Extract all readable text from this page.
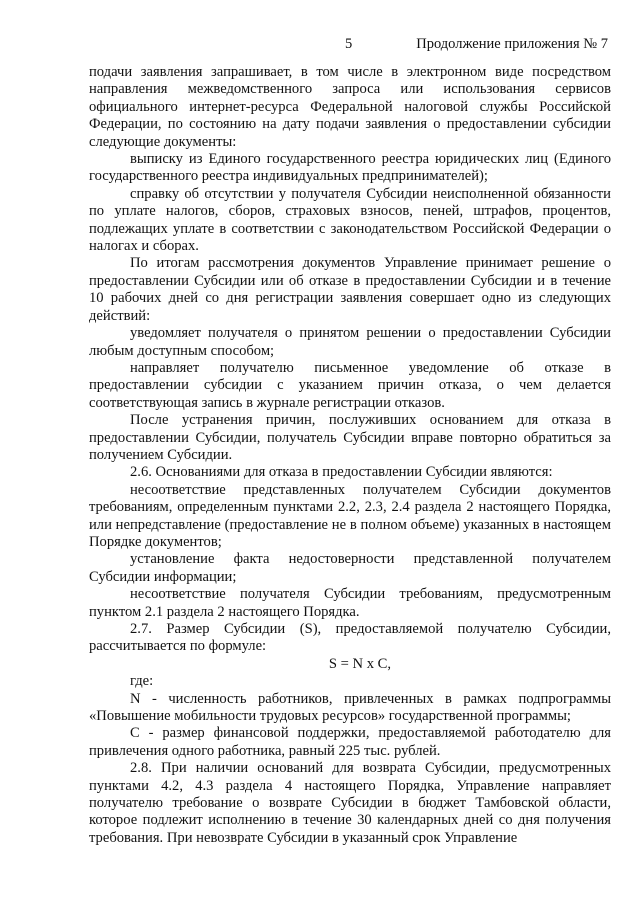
5	Продолжение приложения № 7

подачи заявления запрашивает, в том числе в электронном виде посредством направления межведомственного запроса или использования сервисов официального интернет-ресурса Федеральной налоговой службы Российской Федерации, по состоянию на дату подачи заявления о предоставлении субсидии следующие документы:

выписку из Единого государственного реестра юридических лиц (Единого государственного реестра индивидуальных предпринимателей);

справку об отсутствии у получателя Субсидии неисполненной обязанности по уплате налогов, сборов, страховых взносов, пеней, штрафов, процентов, подлежащих уплате в соответствии с законодательством Российской Федерации о налогах и сборах.

По итогам рассмотрения документов Управление принимает решение о предоставлении Субсидии или об отказе в предоставлении Субсидии и в течение 10 рабочих дней со дня регистрации заявления совершает одно из следующих действий:

уведомляет получателя о принятом решении о предоставлении Субсидии любым доступным способом;

направляет получателю письменное уведомление об отказе в предоставлении субсидии с указанием причин отказа, о чем делается соответствующая запись в журнале регистрации отказов.

После устранения причин, послуживших основанием для отказа в предоставлении Субсидии, получатель Субсидии вправе повторно обратиться за получением Субсидии.

2.6. Основаниями для отказа в предоставлении Субсидии являются:

несоответствие представленных получателем Субсидии документов требованиям, определенным пунктами 2.2, 2.3, 2.4 раздела 2 настоящего Порядка, или непредставление (предоставление не в полном объеме) указанных в настоящем Порядке документов;

установление факта недостоверности представленной получателем Субсидии информации;

несоответствие получателя Субсидии требованиям, предусмотренным пунктом 2.1 раздела 2 настоящего Порядка.

2.7. Размер Субсидии (S), предоставляемой получателю Субсидии, рассчитывается по формуле:

S = N x C,

где:

N - численность работников, привлеченных в рамках подпрограммы «Повышение мобильности трудовых ресурсов» государственной программы;

С - размер финансовой поддержки, предоставляемой работодателю для привлечения одного работника, равный 225 тыс. рублей.

2.8. При наличии оснований для возврата Субсидии, предусмотренных пунктами 4.2, 4.3 раздела 4 настоящего Порядка, Управление направляет получателю требование о возврате Субсидии в бюджет Тамбовской области, которое подлежит исполнению в течение 30 календарных дней со дня получения требования. При невозврате Субсидии в указанный срок Управление
